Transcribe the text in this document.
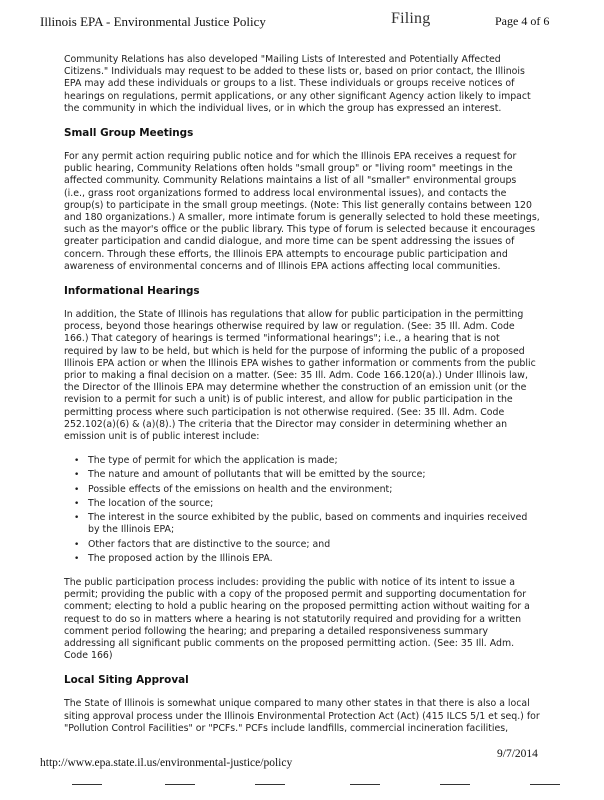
Illinois EPA - Environmental Justice Policy	Filing	Page 4 of 6

Community Relations has also developed "Mailing Lists of Interested and Potentially Affected Citizens." Individuals may request to be added to these lists or, based on prior contact, the Illinois EPA may add these individuals or groups to a list. These individuals or groups receive notices of hearings on regulations, permit applications, or any other significant Agency action likely to impact the community in which the individual lives, or in which the group has expressed an interest.

Small Group Meetings

For any permit action requiring public notice and for which the Illinois EPA receives a request for public hearing, Community Relations often holds "small group" or "living room" meetings in the affected community. Community Relations maintains a list of all "smaller" environmental groups (i.e., grass root organizations formed to address local environmental issues), and contacts the group(s) to participate in the small group meetings. (Note: This list generally contains between 120 and 180 organizations.) A smaller, more intimate forum is generally selected to hold these meetings, such as the mayor's office or the public library. This type of forum is selected because it encourages greater participation and candid dialogue, and more time can be spent addressing the issues of concern. Through these efforts, the Illinois EPA attempts to encourage public participation and awareness of environmental concerns and of Illinois EPA actions affecting local communities.

Informational Hearings

In addition, the State of Illinois has regulations that allow for public participation in the permitting process, beyond those hearings otherwise required by law or regulation. (See: 35 Ill. Adm. Code 166.) That category of hearings is termed "informational hearings"; i.e., a hearing that is not required by law to be held, but which is held for the purpose of informing the public of a proposed Illinois EPA action or when the Illinois EPA wishes to gather information or comments from the public prior to making a final decision on a matter. (See: 35 Ill. Adm. Code 166.120(a).) Under Illinois law, the Director of the Illinois EPA may determine whether the construction of an emission unit (or the revision to a permit for such a unit) is of public interest, and allow for public participation in the permitting process where such participation is not otherwise required. (See: 35 Ill. Adm. Code 252.102(a)(6) & (a)(8).) The criteria that the Director may consider in determining whether an emission unit is of public interest include:

• The type of permit for which the application is made;
• The nature and amount of pollutants that will be emitted by the source;
• Possible effects of the emissions on health and the environment;
• The location of the source;
• The interest in the source exhibited by the public, based on comments and inquiries received by the Illinois EPA;
• Other factors that are distinctive to the source; and
• The proposed action by the Illinois EPA.

The public participation process includes: providing the public with notice of its intent to issue a permit; providing the public with a copy of the proposed permit and supporting documentation for comment; electing to hold a public hearing on the proposed permitting action without waiting for a request to do so in matters where a hearing is not statutorily required and providing for a written comment period following the hearing; and preparing a detailed responsiveness summary addressing all significant public comments on the proposed permitting action. (See: 35 Ill. Adm. Code 166)

Local Siting Approval

The State of Illinois is somewhat unique compared to many other states in that there is also a local siting approval process under the Illinois Environmental Protection Act (Act) (415 ILCS 5/1 et seq.) for "Pollution Control Facilities" or "PCFs." PCFs include landfills, commercial incineration facilities,

http://www.epa.state.il.us/environmental-justice/policy
9/7/2014
